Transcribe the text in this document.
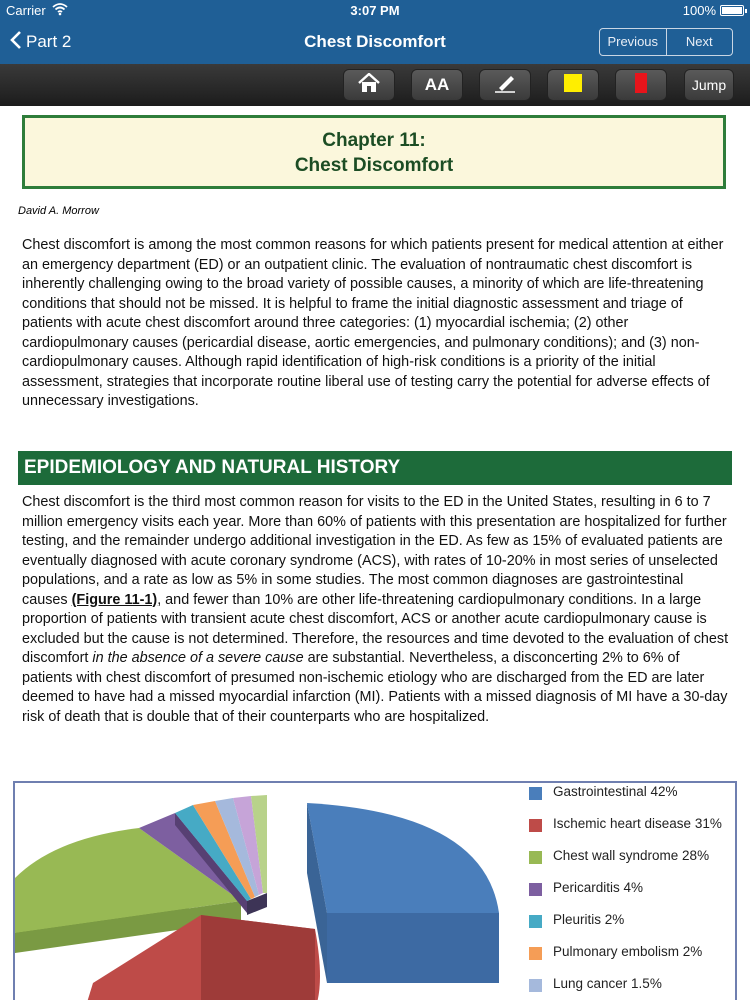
Carrier	3:07 PM	100%
Part 2	Chest Discomfort	Previous	Next
AA	Jump
Chapter 11:
Chest Discomfort
David A. Morrow
Chest discomfort is among the most common reasons for which patients present for medical attention at either an emergency department (ED) or an outpatient clinic. The evaluation of nontraumatic chest discomfort is inherently challenging owing to the broad variety of possible causes, a minority of which are life-threatening conditions that should not be missed. It is helpful to frame the initial diagnostic assessment and triage of patients with acute chest discomfort around three categories: (1) myocardial ischemia; (2) other cardiopulmonary causes (pericardial disease, aortic emergencies, and pulmonary conditions); and (3) non-cardiopulmonary causes. Although rapid identification of high-risk conditions is a priority of the initial assessment, strategies that incorporate routine liberal use of testing carry the potential for adverse effects of unnecessary investigations.
EPIDEMIOLOGY AND NATURAL HISTORY
Chest discomfort is the third most common reason for visits to the ED in the United States, resulting in 6 to 7 million emergency visits each year. More than 60% of patients with this presentation are hospitalized for further testing, and the remainder undergo additional investigation in the ED. As few as 15% of evaluated patients are eventually diagnosed with acute coronary syndrome (ACS), with rates of 10-20% in most series of unselected populations, and a rate as low as 5% in some studies. The most common diagnoses are gastrointestinal causes (Figure 11-1), and fewer than 10% are other life-threatening cardiopulmonary conditions. In a large proportion of patients with transient acute chest discomfort, ACS or another acute cardiopulmonary cause is excluded but the cause is not determined. Therefore, the resources and time devoted to the evaluation of chest discomfort in the absence of a severe cause are substantial. Nevertheless, a disconcerting 2% to 6% of patients with chest discomfort of presumed non-ischemic etiology who are discharged from the ED are later deemed to have had a missed myocardial infarction (MI). Patients with a missed diagnosis of MI have a 30-day risk of death that is double that of their counterparts who are hospitalized.
Gastrointestinal 42%
Ischemic heart disease 31%
Chest wall syndrome 28%
Pericarditis 4%
Pleuritis 2%
Pulmonary embolism 2%
Lung cancer 1.5%
